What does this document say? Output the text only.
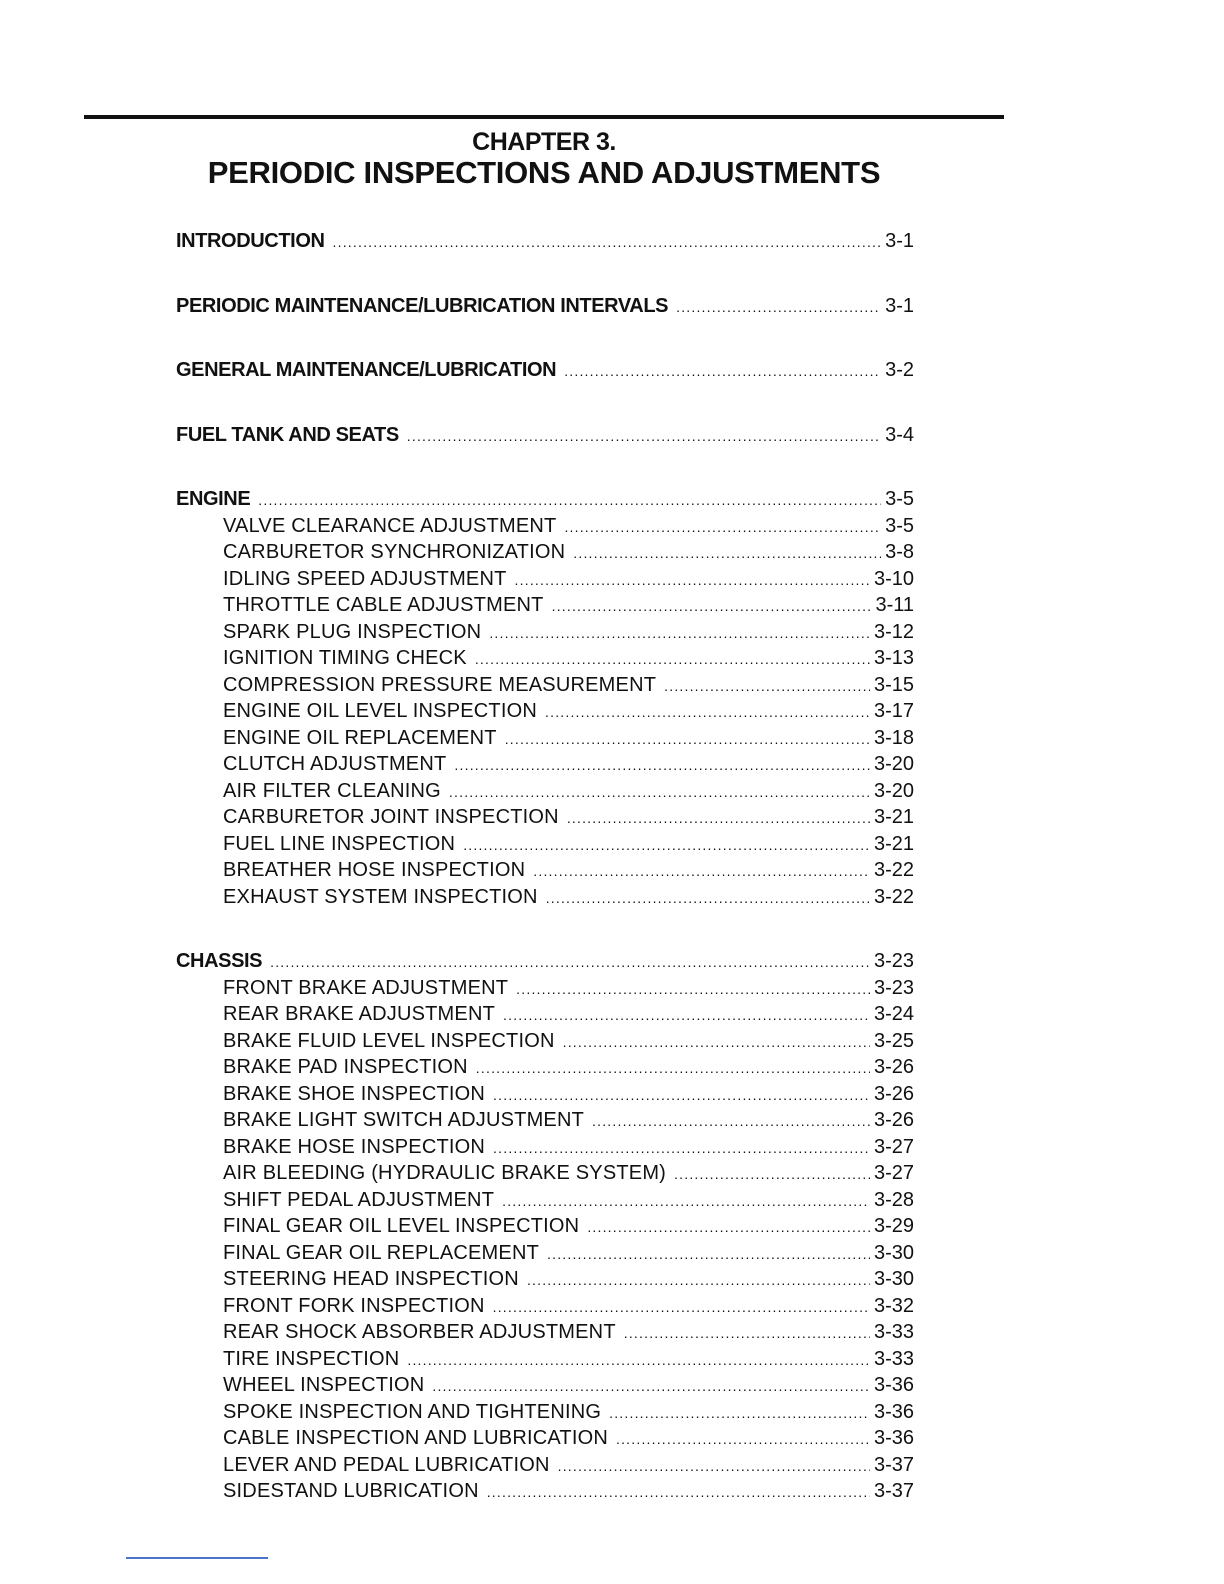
CHAPTER 3.
PERIODIC INSPECTIONS AND ADJUSTMENTS
INTRODUCTION .....	3-1
PERIODIC MAINTENANCE/LUBRICATION INTERVALS .....	3-1
GENERAL MAINTENANCE/LUBRICATION .....	3-2
FUEL TANK AND SEATS .....	3-4
ENGINE .....	3-5
VALVE CLEARANCE ADJUSTMENT .....	3-5
CARBURETOR SYNCHRONIZATION .....	3-8
IDLING SPEED ADJUSTMENT .....	3-10
THROTTLE CABLE ADJUSTMENT .....	3-11
SPARK PLUG INSPECTION .....	3-12
IGNITION TIMING CHECK .....	3-13
COMPRESSION PRESSURE MEASUREMENT .....	3-15
ENGINE OIL LEVEL INSPECTION .....	3-17
ENGINE OIL REPLACEMENT .....	3-18
CLUTCH ADJUSTMENT .....	3-20
AIR FILTER CLEANING .....	3-20
CARBURETOR JOINT INSPECTION .....	3-21
FUEL LINE INSPECTION .....	3-21
BREATHER HOSE INSPECTION .....	3-22
EXHAUST SYSTEM INSPECTION .....	3-22
CHASSIS .....	3-23
FRONT BRAKE ADJUSTMENT .....	3-23
REAR BRAKE ADJUSTMENT .....	3-24
BRAKE FLUID LEVEL INSPECTION .....	3-25
BRAKE PAD INSPECTION .....	3-26
BRAKE SHOE INSPECTION .....	3-26
BRAKE LIGHT SWITCH ADJUSTMENT .....	3-26
BRAKE HOSE INSPECTION .....	3-27
AIR BLEEDING (HYDRAULIC BRAKE SYSTEM) .....	3-27
SHIFT PEDAL ADJUSTMENT .....	3-28
FINAL GEAR OIL LEVEL INSPECTION .....	3-29
FINAL GEAR OIL REPLACEMENT .....	3-30
STEERING HEAD INSPECTION .....	3-30
FRONT FORK INSPECTION .....	3-32
REAR SHOCK ABSORBER ADJUSTMENT .....	3-33
TIRE INSPECTION .....	3-33
WHEEL INSPECTION .....	3-36
SPOKE INSPECTION AND TIGHTENING .....	3-36
CABLE INSPECTION AND LUBRICATION .....	3-36
LEVER AND PEDAL LUBRICATION .....	3-37
SIDESTAND LUBRICATION .....	3-37
